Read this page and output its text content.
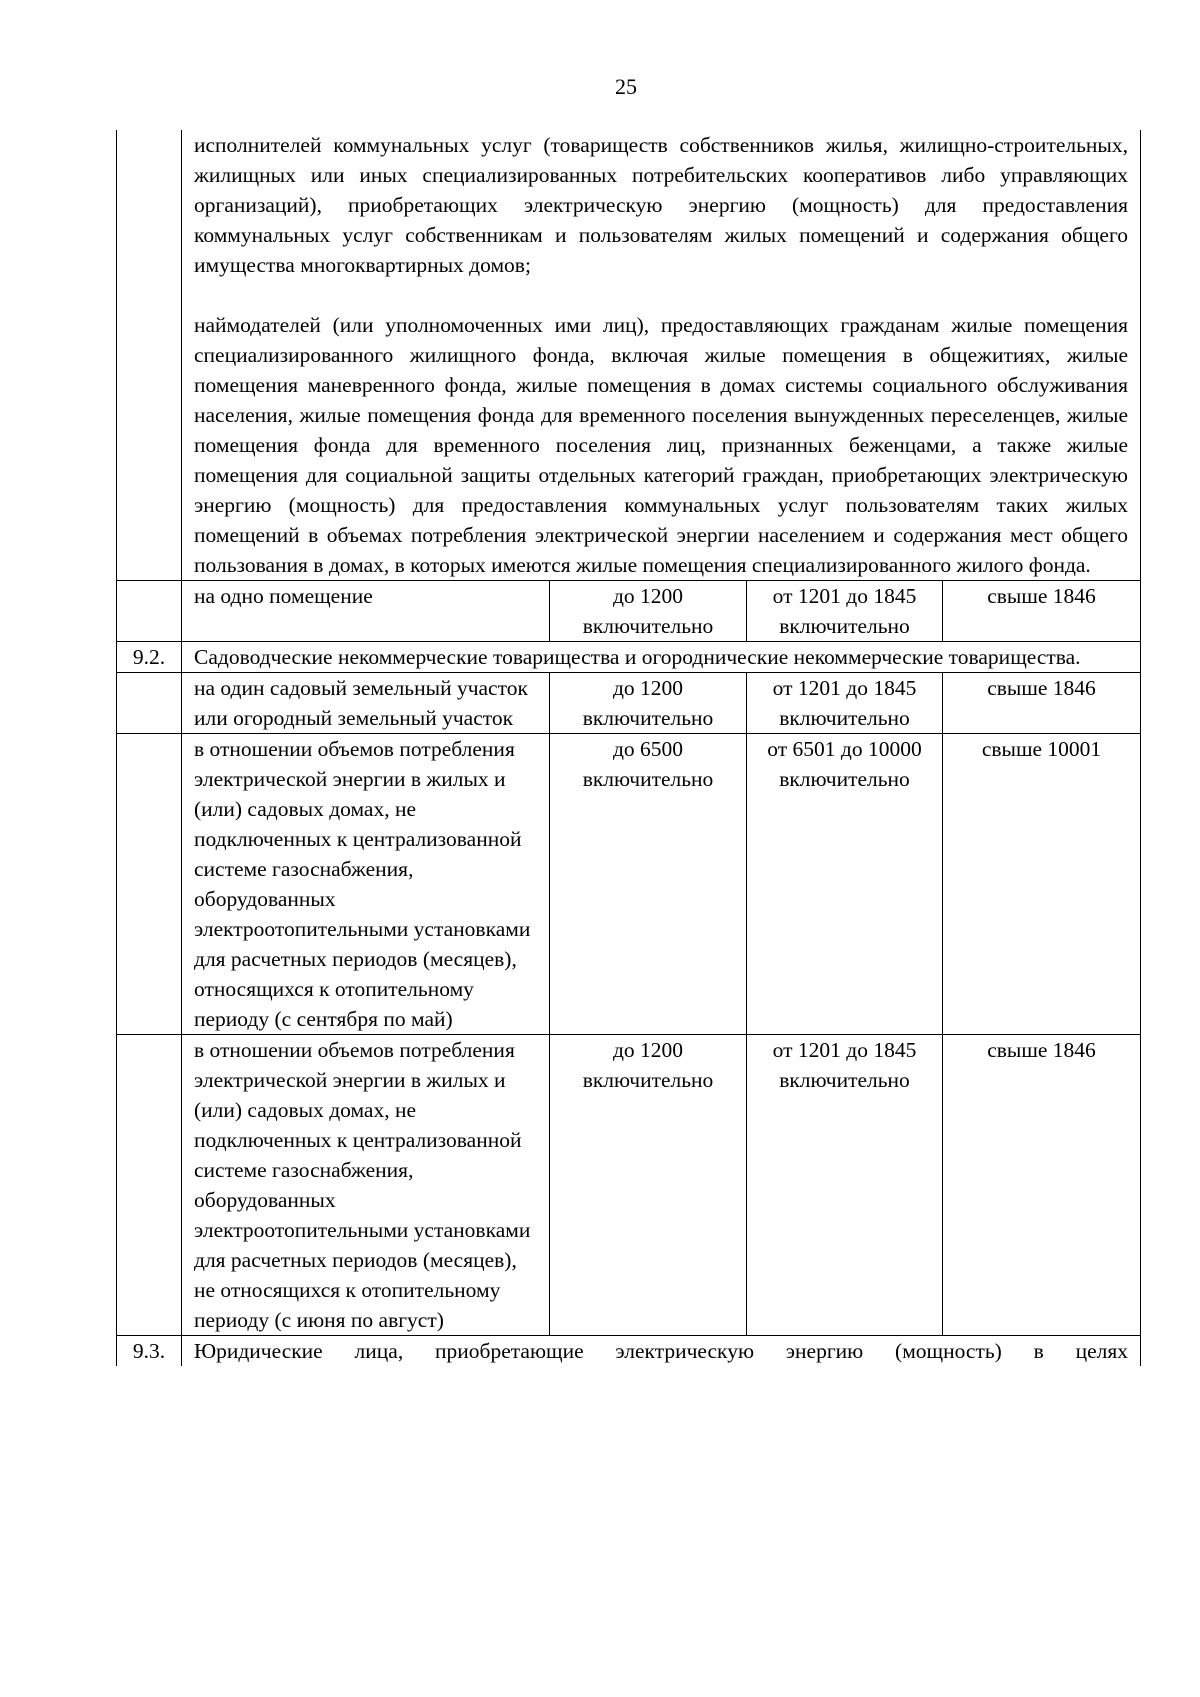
25

	исполнителей коммунальных услуг (товариществ собственников жилья, жилищно-строительных, жилищных или иных специализированных потребительских кооперативов либо управляющих организаций), приобретающих электрическую энергию (мощность) для предоставления коммунальных услуг собственникам и пользователям жилых помещений и содержания общего имущества многоквартирных домов;
наймодателей (или уполномоченных ими лиц), предоставляющих гражданам жилые помещения специализированного жилищного фонда, включая жилые помещения в общежитиях, жилые помещения маневренного фонда, жилые помещения в домах системы социального обслуживания населения, жилые помещения фонда для временного поселения вынужденных переселенцев, жилые помещения фонда для временного поселения лиц, признанных беженцами, а также жилые помещения для социальной защиты отдельных категорий граждан, приобретающих электрическую энергию (мощность) для предоставления коммунальных услуг пользователям таких жилых помещений в объемах потребления электрической энергии населением и содержания мест общего пользования в домах, в которых имеются жилые помещения специализированного жилого фонда.			

	на одно помещение	до 1200 включительно	от 1201 до 1845 включительно	свыше 1846
9.2.	Садоводческие некоммерческие товарищества и огороднические некоммерческие товарищества.			
	на один садовый земельный участок или огородный земельный участок	до 1200 включительно	от 1201 до 1845 включительно	свыше 1846
	в отношении объемов потребления электрической энергии в жилых и (или) садовых домах, не подключенных к централизованной системе газоснабжения, оборудованных электроотопительными установками для расчетных периодов (месяцев), относящихся к отопительному периоду (с сентября по май)	до 6500 включительно	от 6501 до 10000 включительно	свыше 10001
	в отношении объемов потребления электрической энергии в жилых и (или) садовых домах, не подключенных к централизованной системе газоснабжения, оборудованных электроотопительными установками для расчетных периодов (месяцев), не относящихся к отопительному периоду (с июня по август)	до 1200 включительно	от 1201 до 1845 включительно	свыше 1846
9.3.	Юридические лица, приобретающие электрическую энергию (мощность) в целях			
